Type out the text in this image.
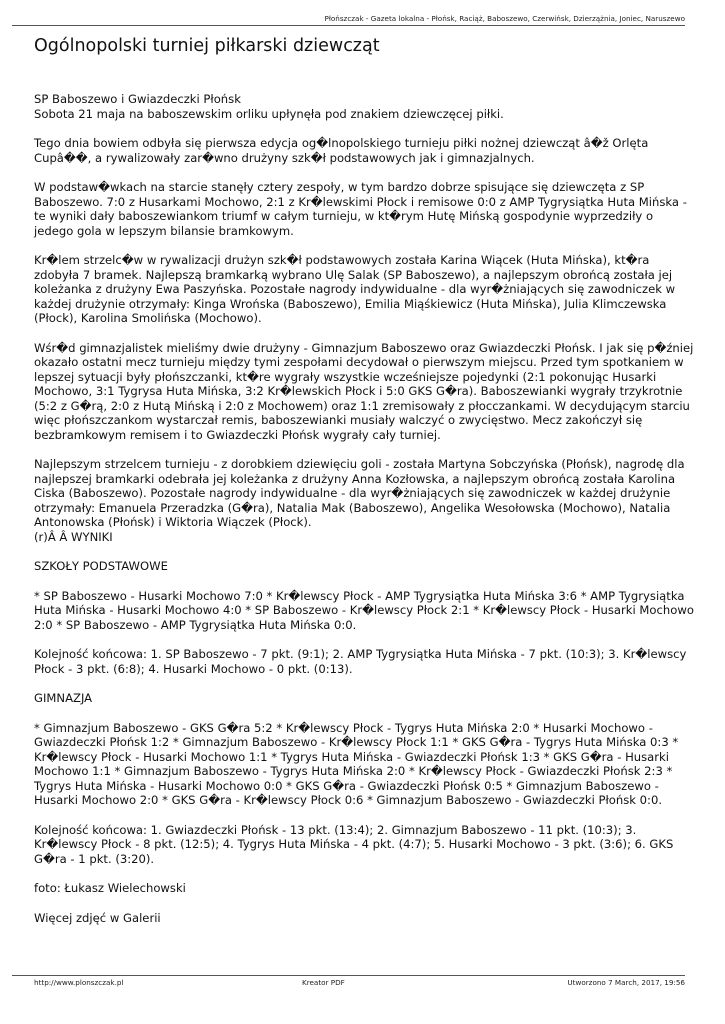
Płońszczak - Gazeta lokalna - Płońsk, Raciąż, Baboszewo, Czerwińsk, Dzierzążnia, Joniec, Naruszewo
Ogólnopolski turniej piłkarski dziewcząt

SP Baboszewo i Gwiazdeczki Płońsk

Sobota 21 maja na baboszewskim orliku upłynęła pod znakiem dziewczęcej piłki.

Tego dnia bowiem odbyła się pierwsza edycja og�lnopolskiego turnieju piłki nożnej dziewcząt â�ž Orlęta Cupâ��, a rywalizowały zar�wno drużyny szk�ł podstawowych jak i gimnazjalnych.

W podstaw�wkach na starcie stanęły cztery zespoły, w tym bardzo dobrze spisujące się dziewczęta z SP Baboszewo. 7:0 z Husarkami Mochowo, 2:1 z Kr�lewskimi Płock i remisowe 0:0 z AMP Tygrysiątka Huta Mińska - te wyniki dały baboszewiankom triumf w całym turnieju, w kt�rym Hutę Mińską gospodynie wyprzedziły o jedego gola w lepszym bilansie bramkowym.

Kr�lem strzelc�w w rywalizacji drużyn szk�ł podstawowych została Karina Wiącek (Huta Mińska), kt�ra zdobyła 7 bramek. Najlepszą bramkarką wybrano Ulę Salak (SP Baboszewo), a najlepszym obrońcą została jej koleżanka z drużyny Ewa Paszyńska. Pozostałe nagrody indywidualne - dla wyr�żniających się zawodniczek w każdej drużynie otrzymały: Kinga Wrońska (Baboszewo), Emilia Miąśkiewicz (Huta Mińska), Julia Klimczewska (Płock), Karolina Smolińska (Mochowo).

Wśr�d gimnazjalistek mieliśmy dwie drużyny - Gimnazjum Baboszewo oraz Gwiazdeczki Płońsk. I jak się p�źniej okazało ostatni mecz turnieju między tymi zespołami decydował o pierwszym miejscu. Przed tym spotkaniem w lepszej sytuacji były płońszczanki, kt�re wygrały wszystkie wcześniejsze pojedynki (2:1 pokonując Husarki Mochowo, 3:1 Tygrysa Huta Mińska, 3:2 Kr�lewskich Płock i 5:0 GKS G�ra). Baboszewianki wygrały trzykrotnie (5:2 z G�rą, 2:0 z Hutą Mińską i 2:0 z Mochowem) oraz 1:1 zremisowały z płocczankami. W decydującym starciu więc płońszczankom wystarczał remis, baboszewianki musiały walczyć o zwycięstwo. Mecz zakończył się bezbramkowym remisem i to Gwiazdeczki Płońsk wygrały cały turniej.

Najlepszym strzelcem turnieju - z dorobkiem dziewięciu goli - została Martyna Sobczyńska (Płońsk), nagrodę dla najlepszej bramkarki odebrała jej koleżanka z drużyny Anna Kozłowska, a najlepszym obrońcą została Karolina Ciska (Baboszewo). Pozostałe nagrody indywidualne - dla wyr�żniających się zawodniczek w każdej drużynie otrzymały: Emanuela Przeradzka (G�ra), Natalia Mak (Baboszewo), Angelika Wesołowska (Mochowo), Natalia Antonowska (Płońsk) i Wiktoria Wiączek (Płock).

(r)Â Â WYNIKI

SZKOŁY PODSTAWOWE

* SP Baboszewo - Husarki Mochowo 7:0 * Kr�lewscy Płock - AMP Tygrysiątka Huta Mińska 3:6 * AMP Tygrysiątka Huta Mińska - Husarki Mochowo 4:0 * SP Baboszewo - Kr�lewscy Płock 2:1 * Kr�lewscy Płock - Husarki Mochowo 2:0 * SP Baboszewo - AMP Tygrysiątka Huta Mińska 0:0.

Kolejność końcowa: 1. SP Baboszewo - 7 pkt. (9:1); 2. AMP Tygrysiątka Huta Mińska - 7 pkt. (10:3); 3. Kr�lewscy Płock - 3 pkt. (6:8); 4. Husarki Mochowo - 0 pkt. (0:13).

GIMNAZJA

* Gimnazjum Baboszewo - GKS G�ra 5:2 * Kr�lewscy Płock - Tygrys Huta Mińska 2:0 * Husarki Mochowo - Gwiazdeczki Płońsk 1:2 * Gimnazjum Baboszewo - Kr�lewscy Płock 1:1 * GKS G�ra - Tygrys Huta Mińska 0:3 * Kr�lewscy Płock - Husarki Mochowo 1:1 * Tygrys Huta Mińska - Gwiazdeczki Płońsk 1:3 * GKS G�ra - Husarki Mochowo 1:1 * Gimnazjum Baboszewo - Tygrys Huta Mińska 2:0 * Kr�lewscy Płock - Gwiazdeczki Płońsk 2:3 * Tygrys Huta Mińska - Husarki Mochowo 0:0 * GKS G�ra - Gwiazdeczki Płońsk 0:5 * Gimnazjum Baboszewo - Husarki Mochowo 2:0 * GKS G�ra - Kr�lewscy Płock 0:6 * Gimnazjum Baboszewo - Gwiazdeczki Płońsk 0:0.

Kolejność końcowa: 1. Gwiazdeczki Płońsk - 13 pkt. (13:4); 2. Gimnazjum Baboszewo - 11 pkt. (10:3); 3. Kr�lewscy Płock - 8 pkt. (12:5); 4. Tygrys Huta Mińska - 4 pkt. (4:7); 5. Husarki Mochowo - 3 pkt. (3:6); 6. GKS G�ra - 1 pkt. (3:20).

foto: Łukasz Wielechowski

Więcej zdjęć w Galerii

http://www.plonszczak.pl	Kreator PDF	Utworzono 7 March, 2017, 19:56
